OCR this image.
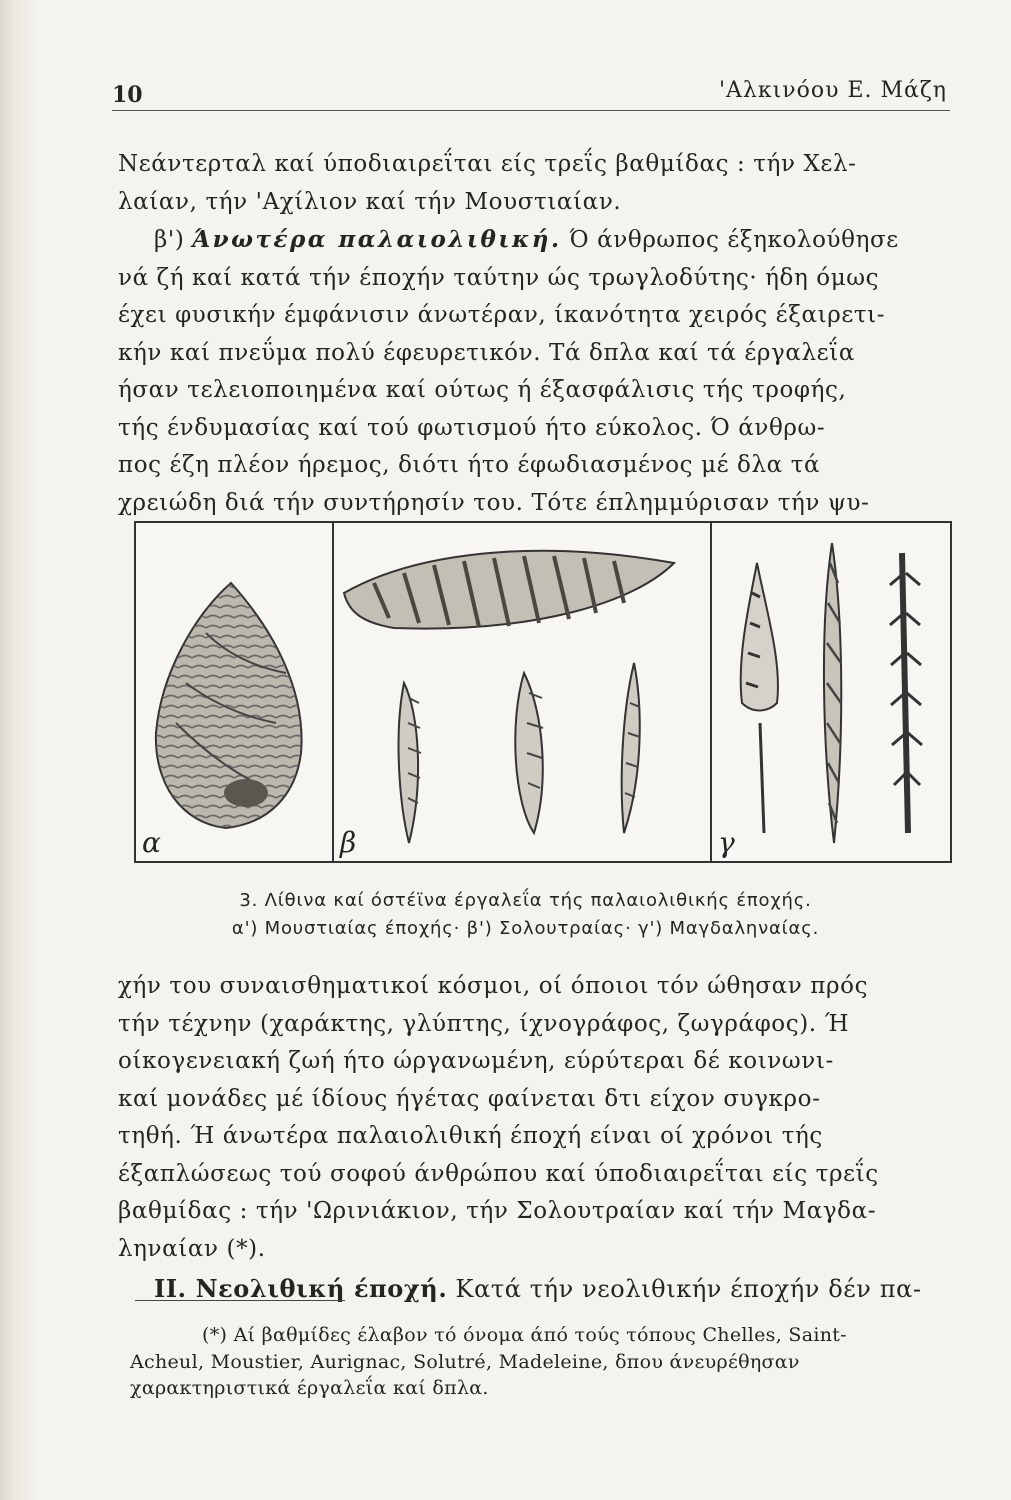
10	'Αλκινόου Ε. Μάζη

Νεάντερταλ καί ύποδιαιρεΐται είς τρεΐς βαθμίδας : τήν Χελ-

λαίαν, τήν 'Αχίλιον καί τήν Μουστιαίαν.

β') Άνωτέρα παλαιολιθική. Ό άνθρωπος έξηκολούθησε

νά ζή καί κατά τήν έποχήν ταύτην ώς τρωγλοδύτης· ήδη όμως

έχει φυσικήν έμφάνισιν άνωτέραν, ίκανότητα χειρός έξαιρετι-

κήν καί πνεΰμα πολύ έφευρετικόν. Τά δπλα καί τά έργαλεΐα

ήσαν τελειοποιημένα καί ούτως ή έξασφάλισις τής τροφής,

τής ένδυμασίας καί τού φωτισμού ήτο εύκολος. Ό άνθρω-

πος έζη πλέον ήρεμος, διότι ήτο έφωδιασμένος μέ δλα τά

χρειώδη διά τήν συντήρησίν του. Τότε έπλημμύρισαν τήν ψυ-

α	β	γ
3. Λίθινα καί όστέϊνα έργαλεΐα τής παλαιολιθικής έποχής.
α') Μουστιαίας έποχής· β') Σολουτραίας· γ') Μαγδαληναίας.

χήν του συναισθηματικοί κόσμοι, οί όποιοι τόν ώθησαν πρός

τήν τέχνην (χαράκτης, γλύπτης, ίχνογράφος, ζωγράφος). Ή

οίκογενειακή ζωή ήτο ώργανωμένη, εύρύτεραι δέ κοινωνι-

καί μονάδες μέ ίδίους ήγέτας φαίνεται δτι είχον συγκρο-

τηθή. Ή άνωτέρα παλαιολιθική έποχή είναι οί χρόνοι τής

έξαπλώσεως τού σοφού άνθρώπου καί ύποδιαιρεΐται είς τρεΐς

βαθμίδας : τήν 'Ωρινιάκιον, τήν Σολουτραίαν καί τήν Μαγδα-

ληναίαν (*).

II. Νεολιθική έποχή. Κατά τήν νεολιθικήν έποχήν δέν πα-

(*) Αί βαθμίδες έλαβον τό όνομα άπό τούς τόπους Chelles, Saint-

Acheul, Moustier, Aurignac, Solutré, Madeleine, δπου άνευρέθησαν

χαρακτηριστικά έργαλεΐα καί δπλα.
